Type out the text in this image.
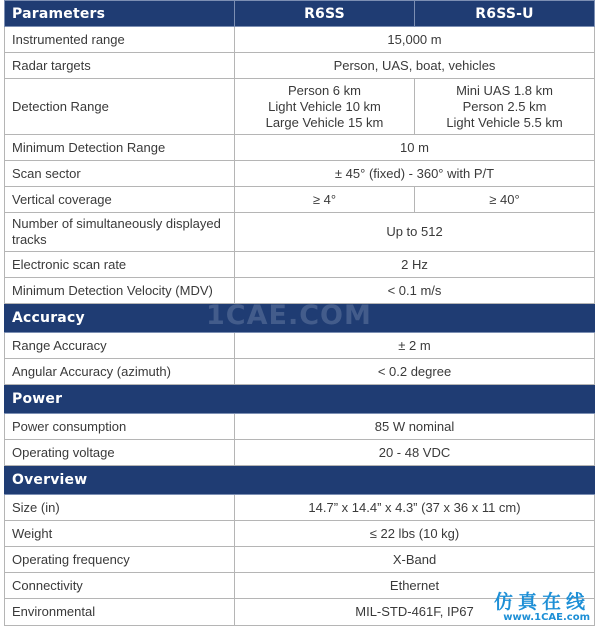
Parameters	R6SS	R6SS-U
Instrumented range	15,000 m	
Radar targets	Person, UAS, boat, vehicles	
Detection Range	Person 6 km
Light Vehicle 10 km
Large Vehicle 15 km	Mini UAS 1.8 km
Person 2.5 km
Light Vehicle 5.5 km

Minimum Detection Range	10 m	
Scan sector	± 45° (fixed) - 360° with P/T	
Vertical coverage	≥ 4°	≥ 40°
Number of simultaneously displayed tracks	Up to 512	
Electronic scan rate	2 Hz	
Minimum Detection Velocity (MDV)	< 0.1 m/s	
Accuracy		
Range Accuracy	± 2 m	
Angular Accuracy (azimuth)	< 0.2 degree	
Power		
Power consumption	85 W nominal	
Operating voltage	20 - 48 VDC	
Overview		
Size (in)	14.7” x 14.4” x 4.3” (37 x 36 x 11 cm)	
Weight	≤ 22 lbs (10 kg)	
Operating frequency	X-Band	
Connectivity	Ethernet	
Environmental	MIL-STD-461F, IP67	
1CAE.COM
仿真在线
www.1CAE.com
